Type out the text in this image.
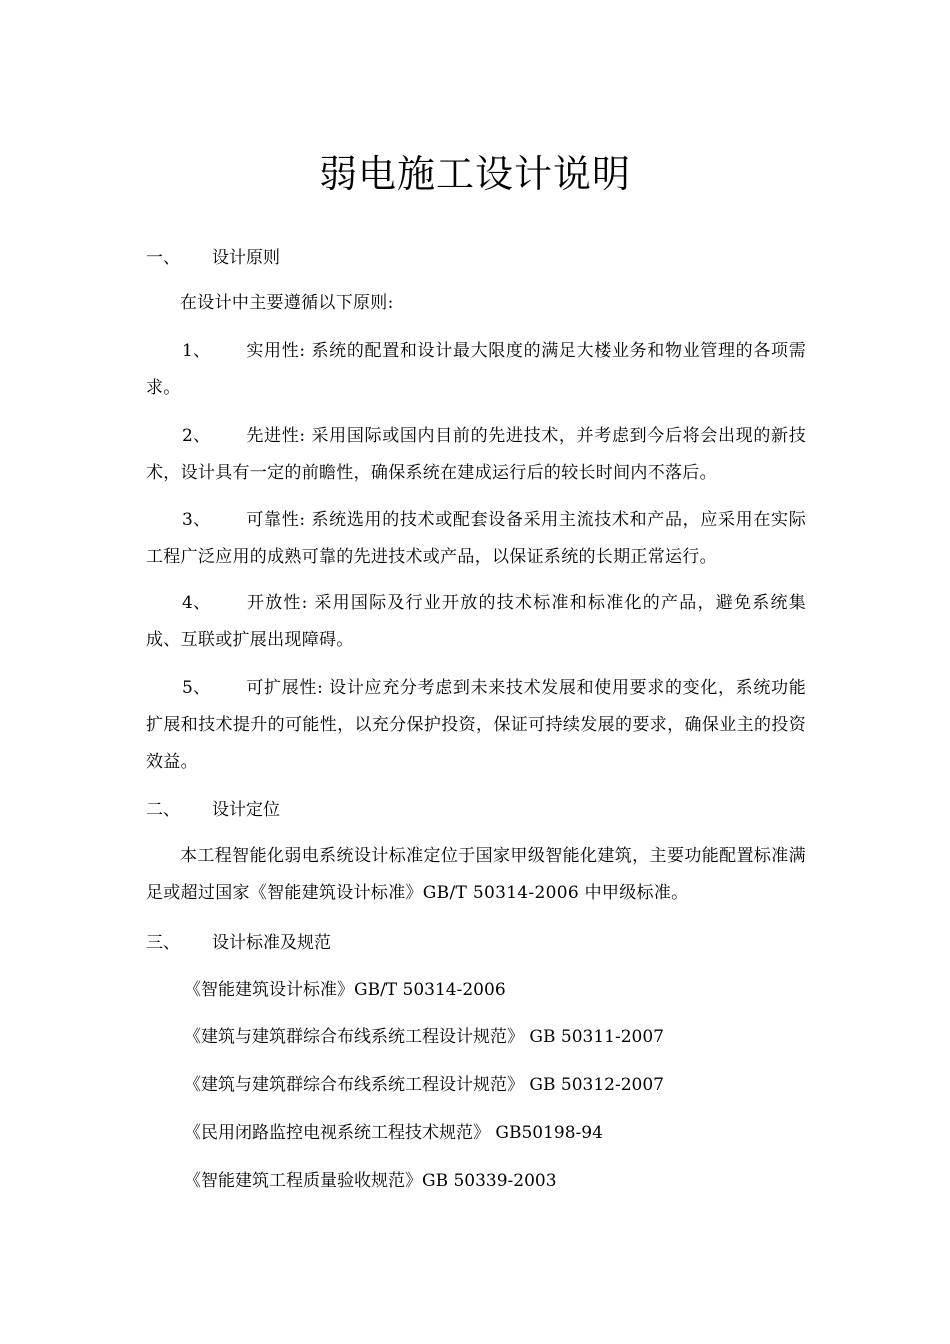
弱电施工设计说明
一、 设计原则
在设计中主要遵循以下原则:
1、 实用性: 系统的配置和设计最大限度的满足大楼业务和物业管理的各项需求。
2、 先进性: 采用国际或国内目前的先进技术，并考虑到今后将会出现的新技术，设计具有一定的前瞻性，确保系统在建成运行后的较长时间内不落后。
3、 可靠性: 系统选用的技术或配套设备采用主流技术和产品，应采用在实际工程广泛应用的成熟可靠的先进技术或产品，以保证系统的长期正常运行。
4、 开放性: 采用国际及行业开放的技术标准和标准化的产品，避免系统集成、互联或扩展出现障碍。
5、 可扩展性: 设计应充分考虑到未来技术发展和使用要求的变化，系统功能扩展和技术提升的可能性，以充分保护投资，保证可持续发展的要求，确保业主的投资效益。
二、 设计定位
本工程智能化弱电系统设计标准定位于国家甲级智能化建筑，主要功能配置标准满足或超过国家《智能建筑设计标准》GB/T 50314-2006 中甲级标准。
三、 设计标准及规范
《智能建筑设计标准》GB/T 50314-2006
《建筑与建筑群综合布线系统工程设计规范》 GB 50311-2007
《建筑与建筑群综合布线系统工程设计规范》 GB 50312-2007
《民用闭路监控电视系统工程技术规范》 GB50198-94
《智能建筑工程质量验收规范》GB 50339-2003
